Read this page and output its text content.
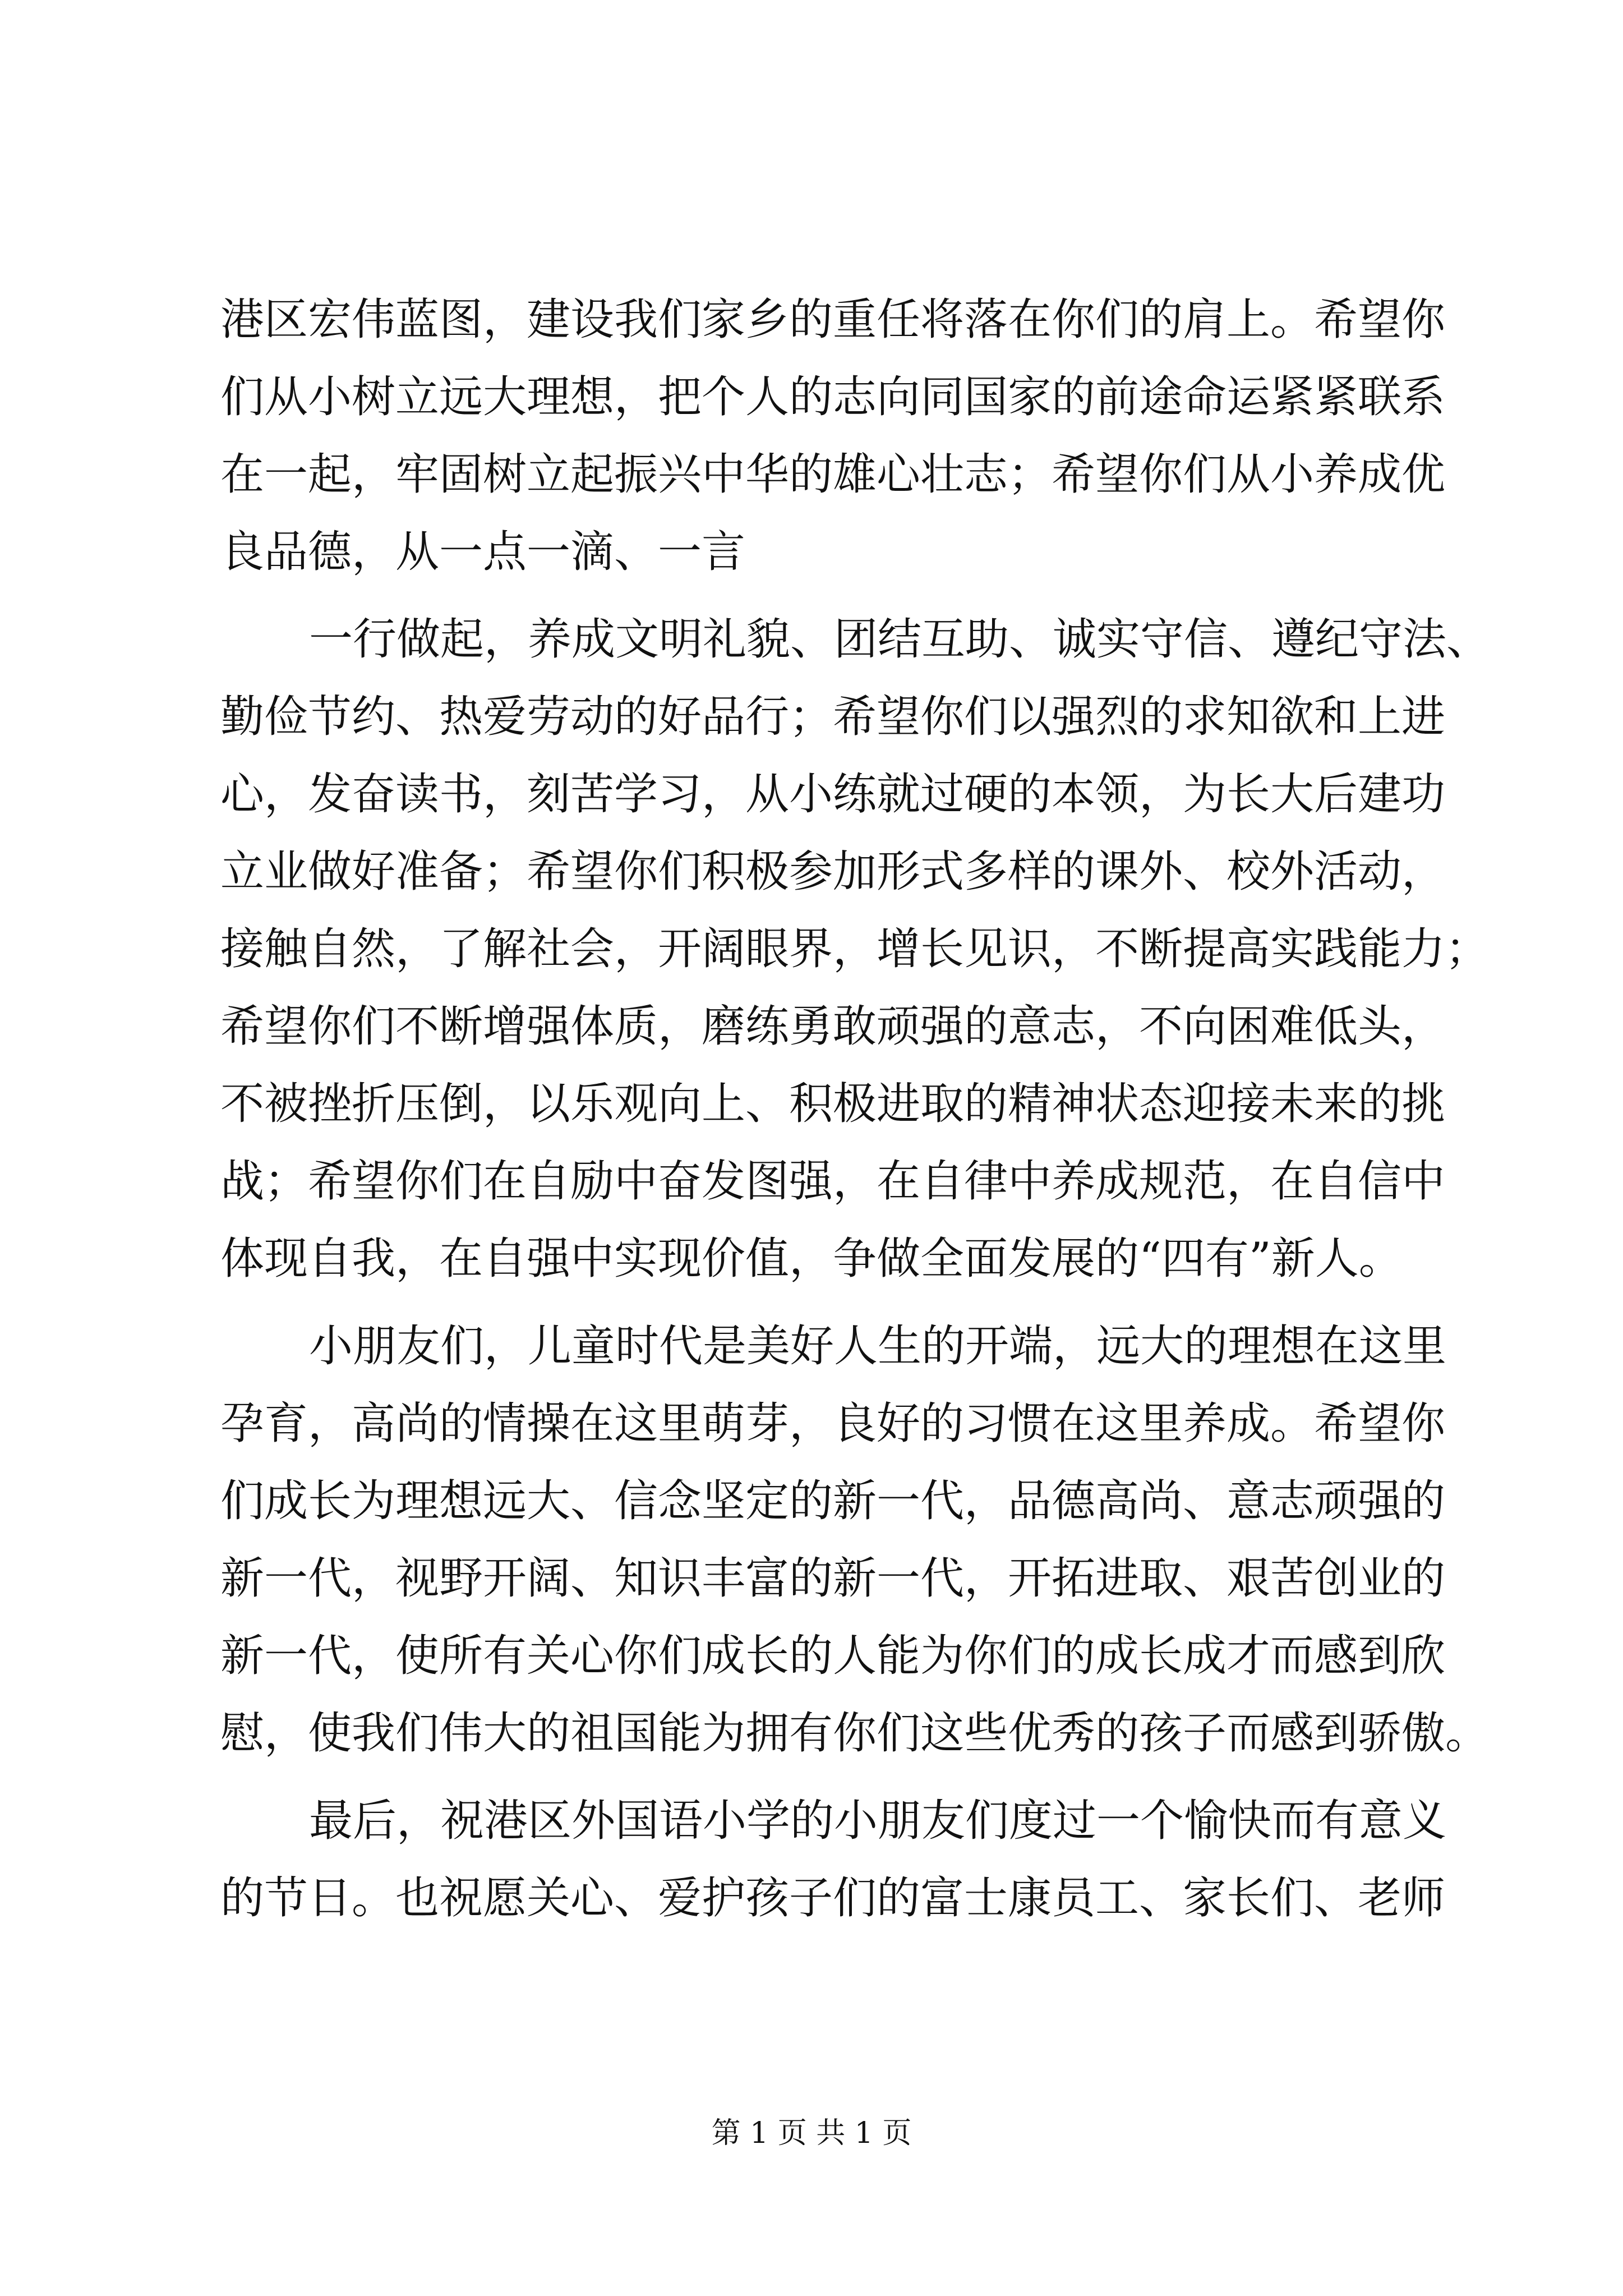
港区宏伟蓝图，建设我们家乡的重任将落在你们的肩上。希望你
们从小树立远大理想，把个人的志向同国家的前途命运紧紧联系
在一起，牢固树立起振兴中华的雄心壮志；希望你们从小养成优
良品德，从一点一滴、一言
一行做起，养成文明礼貌、团结互助、诚实守信、遵纪守法、
勤俭节约、热爱劳动的好品行；希望你们以强烈的求知欲和上进
心，发奋读书，刻苦学习，从小练就过硬的本领，为长大后建功
立业做好准备；希望你们积极参加形式多样的课外、校外活动，
接触自然，了解社会，开阔眼界，增长见识，不断提高实践能力；
希望你们不断增强体质，磨练勇敢顽强的意志，不向困难低头，
不被挫折压倒，以乐观向上、积极进取的精神状态迎接未来的挑
战；希望你们在自励中奋发图强，在自律中养成规范，在自信中
体现自我，在自强中实现价值，争做全面发展的“四有”新人。
小朋友们，儿童时代是美好人生的开端，远大的理想在这里
孕育，高尚的情操在这里萌芽，良好的习惯在这里养成。希望你
们成长为理想远大、信念坚定的新一代，品德高尚、意志顽强的
新一代，视野开阔、知识丰富的新一代，开拓进取、艰苦创业的
新一代，使所有关心你们成长的人能为你们的成长成才而感到欣
慰，使我们伟大的祖国能为拥有你们这些优秀的孩子而感到骄傲。
最后，祝港区外国语小学的小朋友们度过一个愉快而有意义
的节日。也祝愿关心、爱护孩子们的富士康员工、家长们、老师
第 1 页 共 1 页
